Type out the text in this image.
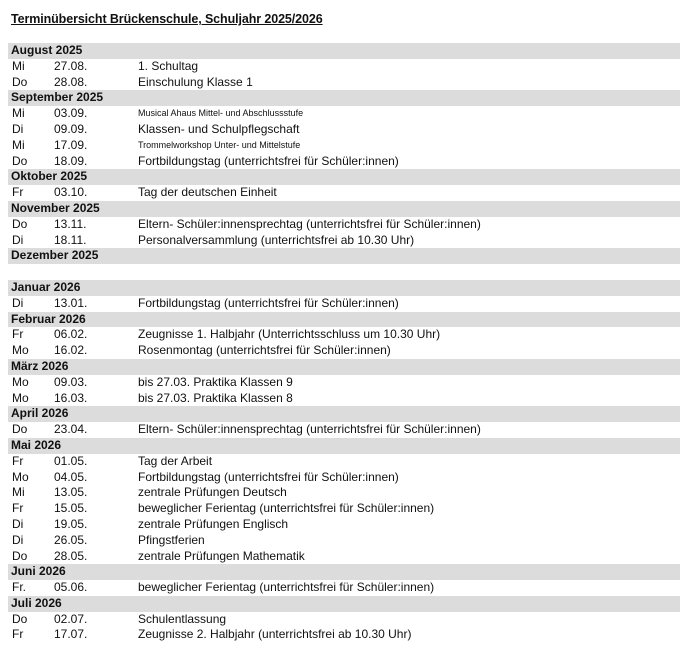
Terminübersicht Brückenschule, Schuljahr 2025/2026
August 2025
Mi 27.08.	1. Schultag
Do 28.08.	Einschulung Klasse 1
September 2025
Mi 03.09.	Musical Ahaus Mittel- und Abschlussstufe
Di	09.09.	Klassen- und Schulpflegschaft
Mi 17.09.	Trommelworkshop Unter- und Mittelstufe
Do 18.09.	Fortbildungstag (unterrichtsfrei für Schüler:innen)
Oktober 2025
Fr	03.10.	Tag der deutschen Einheit
November 2025
Do 13.11.	Eltern- Schüler:innensprechtag (unterrichtsfrei für Schüler:innen)
Di	18.11.	Personalversammlung (unterrichtsfrei ab 10.30 Uhr)
Dezember 2025
Januar 2026
Di	13.01.	Fortbildungstag (unterrichtsfrei für Schüler:innen)
Februar 2026
Fr	06.02.	Zeugnisse 1. Halbjahr (Unterrichtsschluss um 10.30 Uhr)
Mo 16.02.	Rosenmontag (unterrichtsfrei für Schüler:innen)
März 2026
Mo 09.03.	bis 27.03. Praktika Klassen 9
Mo 16.03.	bis 27.03. Praktika Klassen 8
April 2026
Do 23.04.	Eltern- Schüler:innensprechtag (unterrichtsfrei für Schüler:innen)
Mai 2026
Fr	01.05.	Tag der Arbeit
Mo 04.05.	Fortbildungstag (unterrichtsfrei für Schüler:innen)
Mi 13.05.	zentrale Prüfungen Deutsch
Fr	15.05.	beweglicher Ferientag (unterrichtsfrei für Schüler:innen)
Di	19.05.	zentrale Prüfungen Englisch
Di	26.05.	Pfingstferien
Do 28.05.	zentrale Prüfungen Mathematik
Juni 2026
Fr. 05.06.	beweglicher Ferientag (unterrichtsfrei für Schüler:innen)
Juli 2026
Do 02.07.	Schulentlassung
Fr	17.07.	Zeugnisse 2. Halbjahr (unterrichtsfrei ab 10.30 Uhr)
